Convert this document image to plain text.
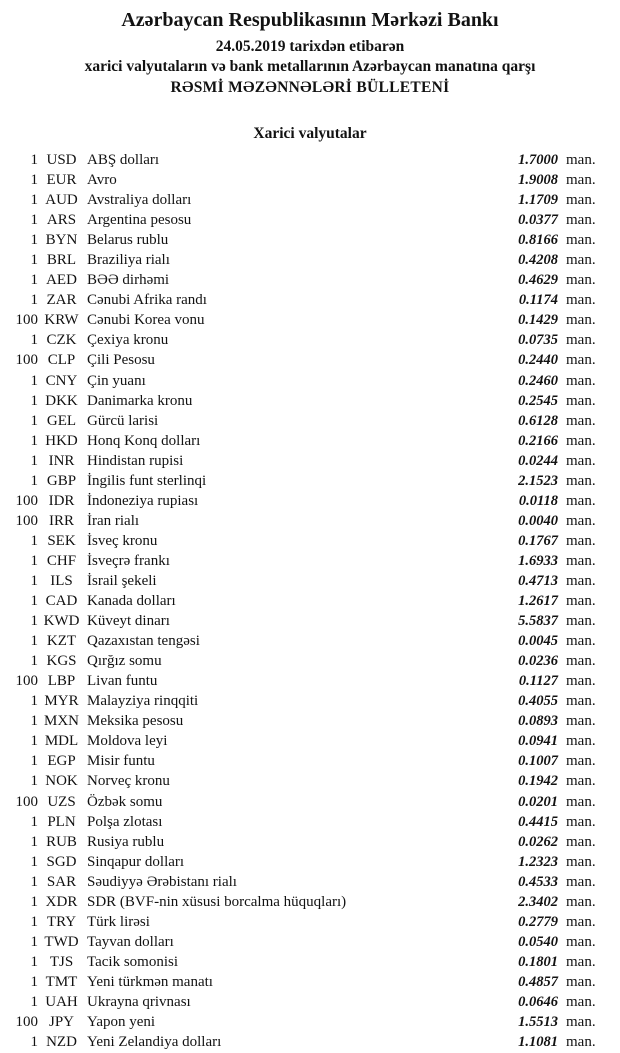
Azərbaycan Respublikasının Mərkəzi Bankı
24.05.2019 tarixdən etibarən
xarici valyutaların və bank metallarının Azərbaycan manatına qarşı
RƏSMİ MƏZƏNNƏLƏRİ BÜLLETENİ
Xarici valyutalar
1 USD ABŞ dolları	1.7000 man.
1 EUR Avro	1.9008 man.
1 AUD Avstraliya dolları	1.1709 man.
1 ARS Argentina pesosu	0.0377 man.
1 BYN Belarus rublu	0.8166 man.
1 BRL Braziliya rialı	0.4208 man.
1 AED BƏƏ dirhəmi	0.4629 man.
1 ZAR Cənubi Afrika randı	0.1174 man.
100 KRW Cənubi Korea vonu	0.1429 man.
1 CZK Çexiya kronu	0.0735 man.
100 CLP Çili Pesosu	0.2440 man.
1 CNY Çin yuanı	0.2460 man.
1 DKK Danimarka kronu	0.2545 man.
1 GEL Gürcü larisi	0.6128 man.
1 HKD Honq Konq dolları	0.2166 man.
1 INR Hindistan rupisi	0.0244 man.
1 GBP İngilis funt sterlinqi	2.1523 man.
100 IDR İndoneziya rupiası	0.0118 man.
100 IRR İran rialı	0.0040 man.
1 SEK İsveç kronu	0.1767 man.
1 CHF İsveçrə frankı	1.6933 man.
1 ILS İsrail şekeli	0.4713 man.
1 CAD Kanada dolları	1.2617 man.
1 KWD Küveyt dinarı	5.5837 man.
1 KZT Qazaxıstan tengəsi	0.0045 man.
1 KGS Qırğız somu	0.0236 man.
100 LBP Livan funtu	0.1127 man.
1 MYR Malayziya rinqqiti	0.4055 man.
1 MXN Meksika pesosu	0.0893 man.
1 MDL Moldova leyi	0.0941 man.
1 EGP Misir funtu	0.1007 man.
1 NOK Norveç kronu	0.1942 man.
100 UZS Özbək somu	0.0201 man.
1 PLN Polşa zlotası	0.4415 man.
1 RUB Rusiya rublu	0.0262 man.
1 SGD Sinqapur dolları	1.2323 man.
1 SAR Səudiyyə Ərəbistanı rialı	0.4533 man.
1 XDR SDR (BVF-nin xüsusi borcalma hüquqları)	2.3402 man.
1 TRY Türk lirəsi	0.2779 man.
1 TWD Tayvan dolları	0.0540 man.
1 TJS Tacik somonisi	0.1801 man.
1 TMT Yeni türkmən manatı	0.4857 man.
1 UAH Ukrayna qrivnası	0.0646 man.
100 JPY Yapon yeni	1.5513 man.
1 NZD Yeni Zelandiya dolları	1.1081 man.
